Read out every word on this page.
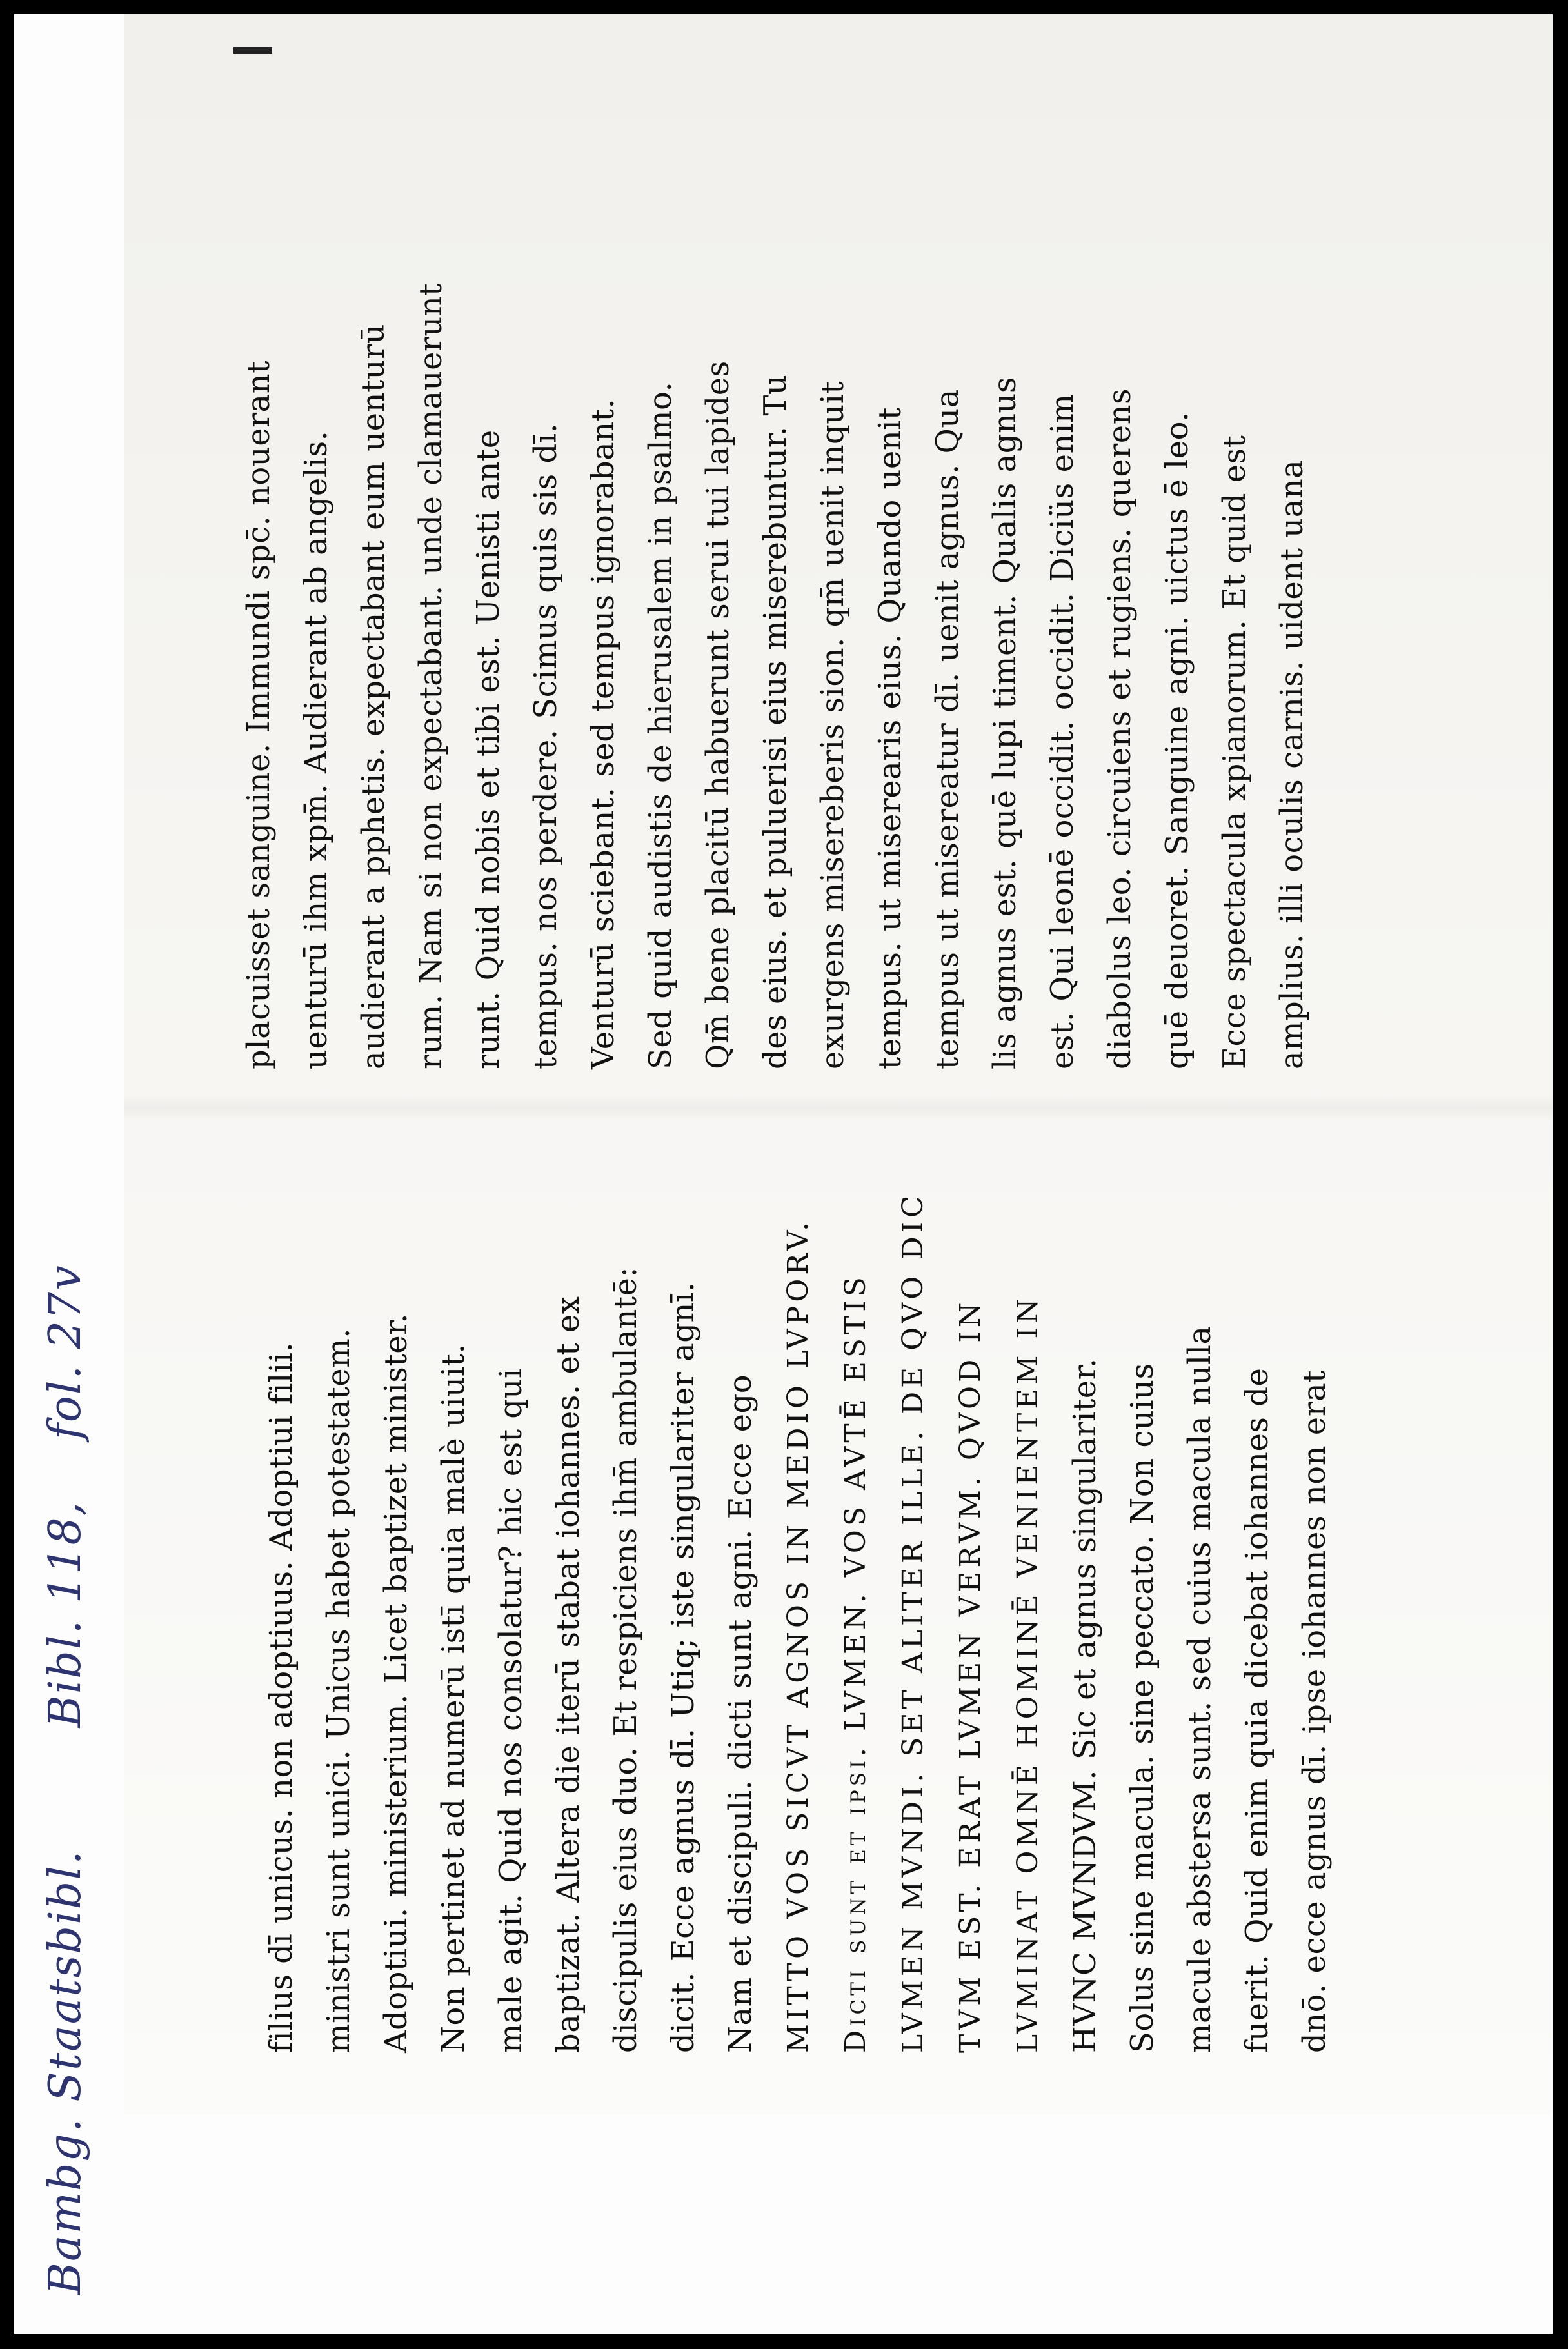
Bambg. Staatsbibl.        Bibl. 118,    fol. 27v	filius dī unicus. non adoptiuus. Adoptiui filii. ministri sunt unici. Unicus habet potestatem. Adoptiui. ministerium. Licet baptizet minister. Non pertinet ad numerū istī quia malè uiuit. male agit. Quid nos consolatur? hic est qui baptizat. Altera die iterū stabat iohannes. et ex discipulis eius duo. Et respiciens ihm̄ ambulantē: dicit. Ecce agnus dī. Utiq; iste singulariter agnī. Nam et discipuli. dicti sunt agni. Ecce ego MITTO VOS SICVT AGNOS IN MEDIO LVPORV. Dicti sunt et ipsi. LVMEN. VOS AVTĒ ESTIS LVMEN MVNDI. SET ALITER ILLE. DE QVO DIC TVM EST. ERAT LVMEN VERVM. QVOD IN LVMINAT OMNĒ HOMINĒ VENIENTEM IN HVNC MVNDVM. Sic et agnus singulariter. Solus sine macula. sine peccato. Non cuius macule abstersa sunt. sed cuius macula nulla fuerit. Quid enim quia dicebat iohannes de dnō. ecce agnus dī. ipse iohannes non erat
placuisset sanguine. Immundi spc̄. nouerant uenturū ihm xpm̄. Audierant ab angelis. audierant a pphetis. expectabant eum uenturū rum. Nam si non expectabant. unde clamauerunt runt. Quid nobis et tibi est. Uenisti ante tempus. nos perdere. Scimus quis sis dī. Venturū sciebant. sed tempus ignorabant. Sed quid audistis de hierusalem in psalmo. Qm̄ bene placitū habuerunt serui tui lapides des eius. et puluerisi eius miserebuntur. Tu exurgens misereberis sion. qm̄ uenit inquit tempus. ut miserearis eius. Quando uenit tempus ut misereatur dī. uenit agnus. Qua lis agnus est. quē lupi timent. Qualis agnus est. Qui leonē occidit. occidit. Diciüs enim diabolus leo. circuiens et rugiens. querens quē deuoret. Sanguine agni. uictus ē leo. Ecce spectacula xpianorum. Et quid est amplius. illi oculis carnis. uident uana
